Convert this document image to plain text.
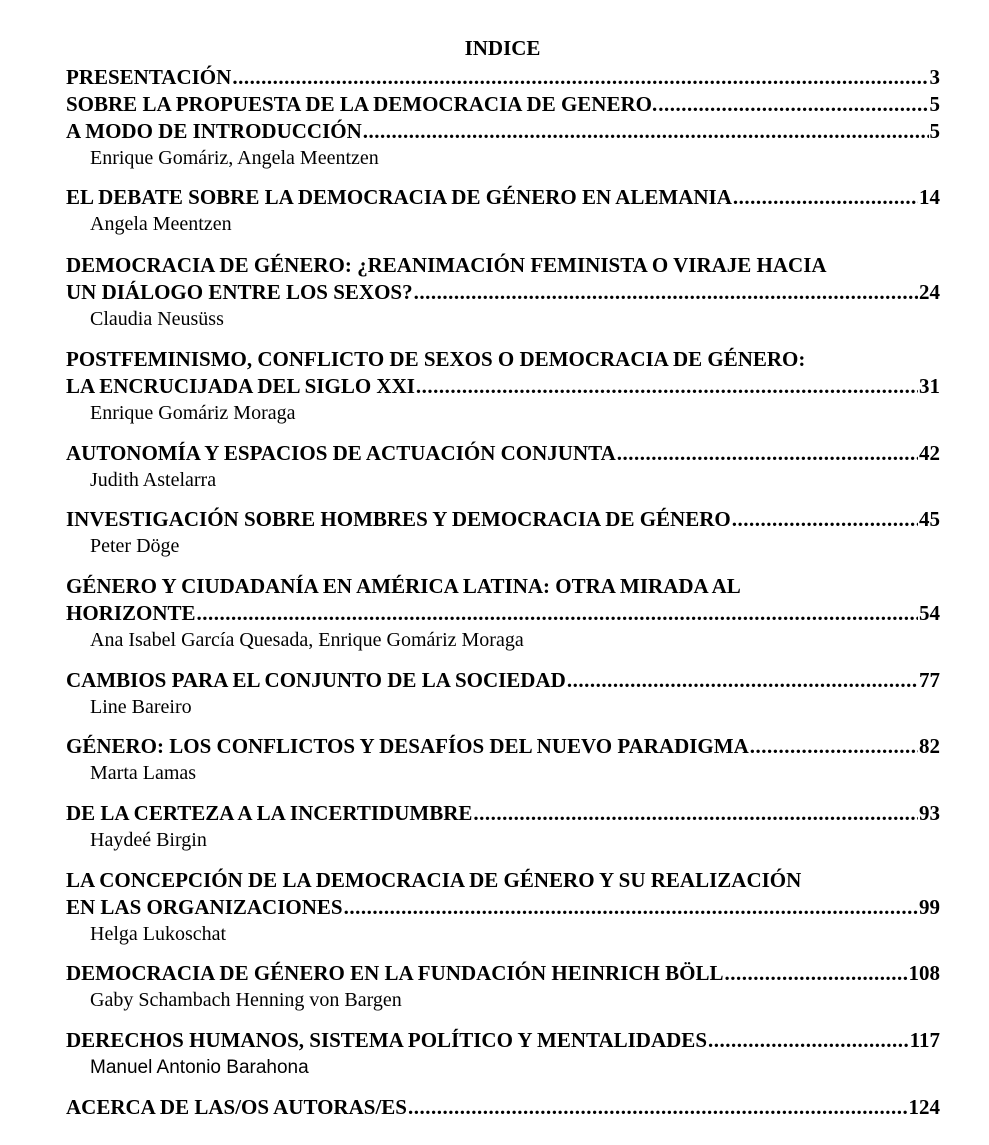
INDICE
PRESENTACIÓN .....	3
SOBRE LA PROPUESTA DE LA DEMOCRACIA DE GENERO. .....	5
A MODO DE INTRODUCCIÓN .....	5
Enrique Gomáriz, Angela Meentzen
EL DEBATE SOBRE LA DEMOCRACIA DE GÉNERO EN ALEMANIA .....	14
Angela Meentzen
DEMOCRACIA DE GÉNERO: ¿REANIMACIÓN FEMINISTA O VIRAJE HACIA
UN DIÁLOGO ENTRE LOS SEXOS? .....	24
Claudia Neusüss
POSTFEMINISMO, CONFLICTO DE SEXOS O DEMOCRACIA DE GÉNERO:
LA ENCRUCIJADA DEL SIGLO XXI .....	31
Enrique Gomáriz Moraga
AUTONOMÍA Y ESPACIOS DE ACTUACIÓN CONJUNTA .....	42
Judith Astelarra
INVESTIGACIÓN SOBRE HOMBRES Y DEMOCRACIA DE GÉNERO .....	45
Peter Döge
GÉNERO Y CIUDADANÍA EN AMÉRICA LATINA: OTRA MIRADA AL
HORIZONTE .....	54
Ana Isabel García Quesada, Enrique Gomáriz Moraga
CAMBIOS PARA EL CONJUNTO DE LA SOCIEDAD .....	77
Line Bareiro
GÉNERO: LOS CONFLICTOS Y DESAFÍOS DEL NUEVO PARADIGMA .....	82
Marta Lamas
DE LA CERTEZA A LA INCERTIDUMBRE .....	93
Haydeé Birgin
LA CONCEPCIÓN DE LA DEMOCRACIA DE GÉNERO Y SU REALIZACIÓN
EN LAS ORGANIZACIONES .....	99
Helga Lukoschat
DEMOCRACIA DE GÉNERO EN LA FUNDACIÓN HEINRICH BÖLL .....	108
Gaby Schambach Henning von Bargen
DERECHOS HUMANOS, SISTEMA POLÍTICO Y MENTALIDADES .....	117
Manuel Antonio Barahona
ACERCA DE LAS/OS AUTORAS/ES .....	124
